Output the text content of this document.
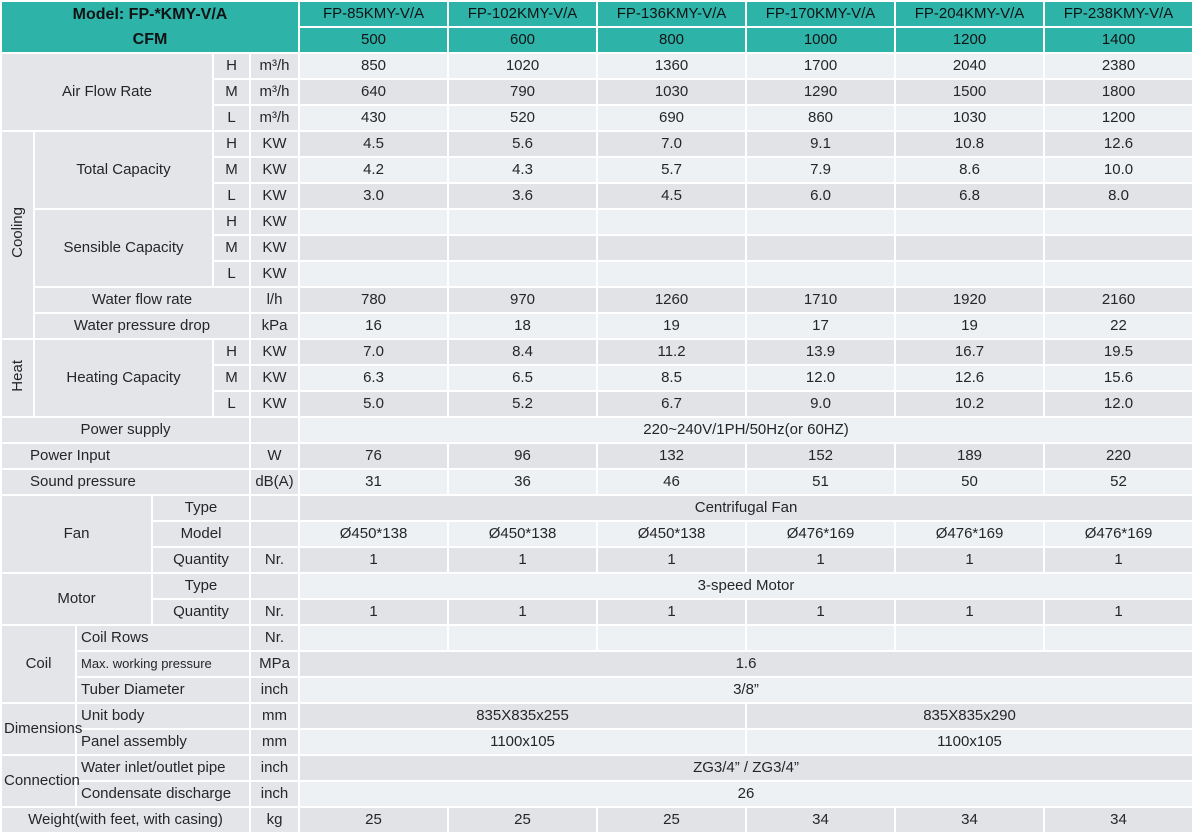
Model: FP-*KMY-V/A
CFM						FP-85KMY-V/A	FP-102KMY-V/A	FP-136KMY-V/A	FP-170KMY-V/A	FP-204KMY-V/A	FP-238KMY-V/A
						500	600	800	1000	1200	1400
Air Flow Rate				H	m³/h	850	1020	1360	1700	2040	2380
				M	m³/h	640	790	1030	1290	1500	1800
				L	m³/h	430	520	690	860	1030	1200
Cooling	Total Capacity			H	KW	4.5	5.6	7.0	9.1	10.8	12.6
				M	KW	4.2	4.3	5.7	7.9	8.6	10.0
				L	KW	3.0	3.6	4.5	6.0	6.8	8.0
	Sensible Capacity			H	KW						
				M	KW						
				L	KW						
	Water flow rate				l/h	780	970	1260	1710	1920	2160
	Water pressure drop				kPa	16	18	19	17	19	22
Heat	Heating Capacity			H	KW	7.0	8.4	11.2	13.9	16.7	19.5
				M	KW	6.3	6.5	8.5	12.0	12.6	15.6
				L	KW	5.0	5.2	6.7	9.0	10.2	12.0
Power supply						220~240V/1PH/50Hz(or 60HZ)					
Power Input					W	76	96	132	152	189	220
Sound pressure					dB(A)	31	36	46	51	50	52
Fan			Type			Centrifugal Fan					
			Model			Ø450*138	Ø450*138	Ø450*138	Ø476*169	Ø476*169	Ø476*169
			Quantity		Nr.	1	1	1	1	1	1
Motor			Type			3-speed Motor					
			Quantity		Nr.	1	1	1	1	1	1
Coil		Coil Rows			Nr.						
		Max. working pressure			MPa	1.6					
		Tuber Diameter			inch	3/8”					
Dimensions		Unit body			mm	835X835x255			835X835x290		
		Panel assembly			mm	1100x105			1100x105		
Connection		Water inlet/outlet pipe			inch	ZG3/4” / ZG3/4”					
		Condensate discharge			inch	26					
Weight(with feet, with casing)					kg	25	25	25	34	34	34
